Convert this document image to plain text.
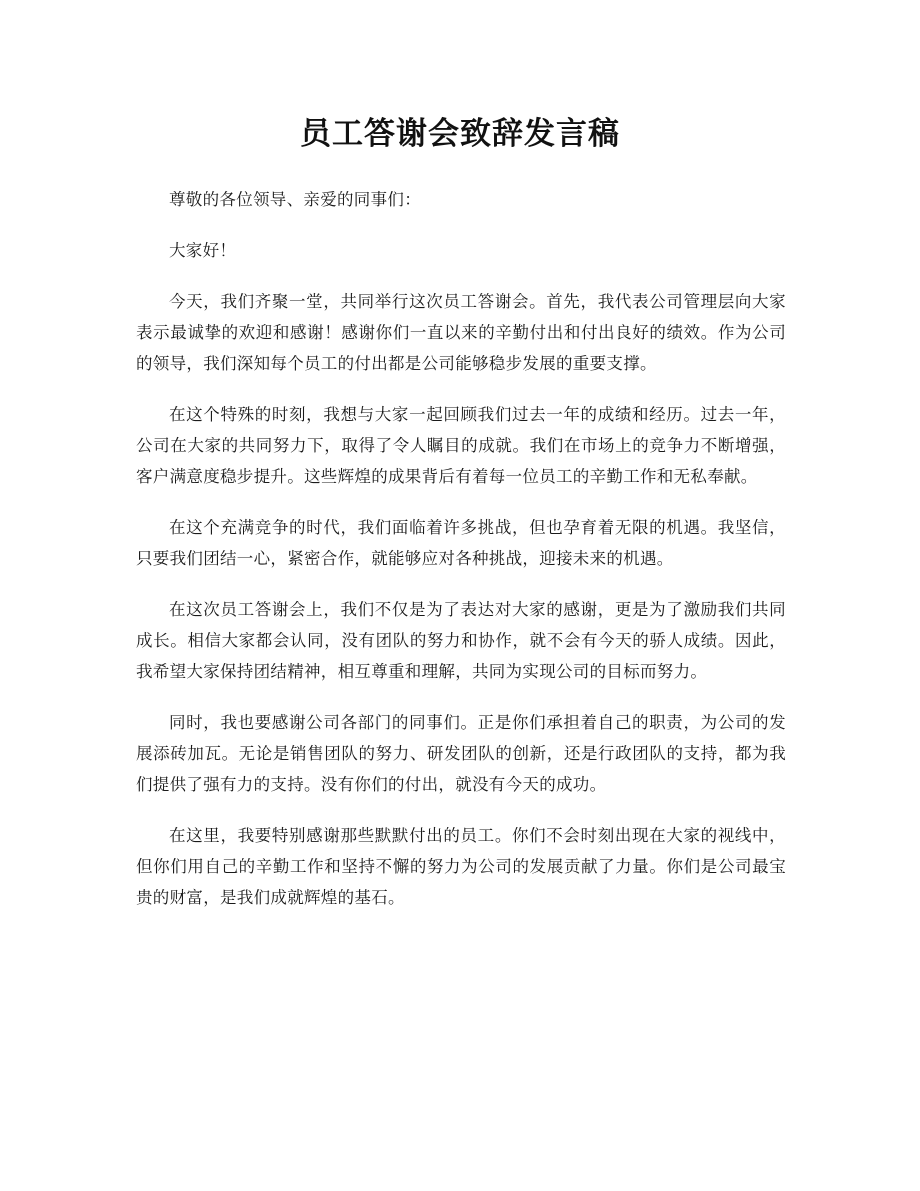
员工答谢会致辞发言稿

尊敬的各位领导、亲爱的同事们：

大家好！

今天，我们齐聚一堂，共同举行这次员工答谢会。首先，我代表公司管理层向大家表示最诚挚的欢迎和感谢！感谢你们一直以来的辛勤付出和付出良好的绩效。作为公司的领导，我们深知每个员工的付出都是公司能够稳步发展的重要支撑。

在这个特殊的时刻，我想与大家一起回顾我们过去一年的成绩和经历。过去一年，公司在大家的共同努力下，取得了令人瞩目的成就。我们在市场上的竞争力不断增强，客户满意度稳步提升。这些辉煌的成果背后有着每一位员工的辛勤工作和无私奉献。

在这个充满竞争的时代，我们面临着许多挑战，但也孕育着无限的机遇。我坚信，只要我们团结一心，紧密合作，就能够应对各种挑战，迎接未来的机遇。

在这次员工答谢会上，我们不仅是为了表达对大家的感谢，更是为了激励我们共同成长。相信大家都会认同，没有团队的努力和协作，就不会有今天的骄人成绩。因此，我希望大家保持团结精神，相互尊重和理解，共同为实现公司的目标而努力。

同时，我也要感谢公司各部门的同事们。正是你们承担着自己的职责，为公司的发展添砖加瓦。无论是销售团队的努力、研发团队的创新，还是行政团队的支持，都为我们提供了强有力的支持。没有你们的付出，就没有今天的成功。

在这里，我要特别感谢那些默默付出的员工。你们不会时刻出现在大家的视线中，但你们用自己的辛勤工作和坚持不懈的努力为公司的发展贡献了力量。你们是公司最宝贵的财富，是我们成就辉煌的基石。
